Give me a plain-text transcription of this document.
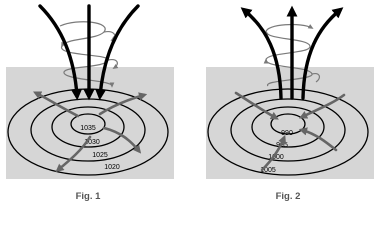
1035
1030
1025
1020
Fig. 1
990
995
1000
1005
Fig. 2
